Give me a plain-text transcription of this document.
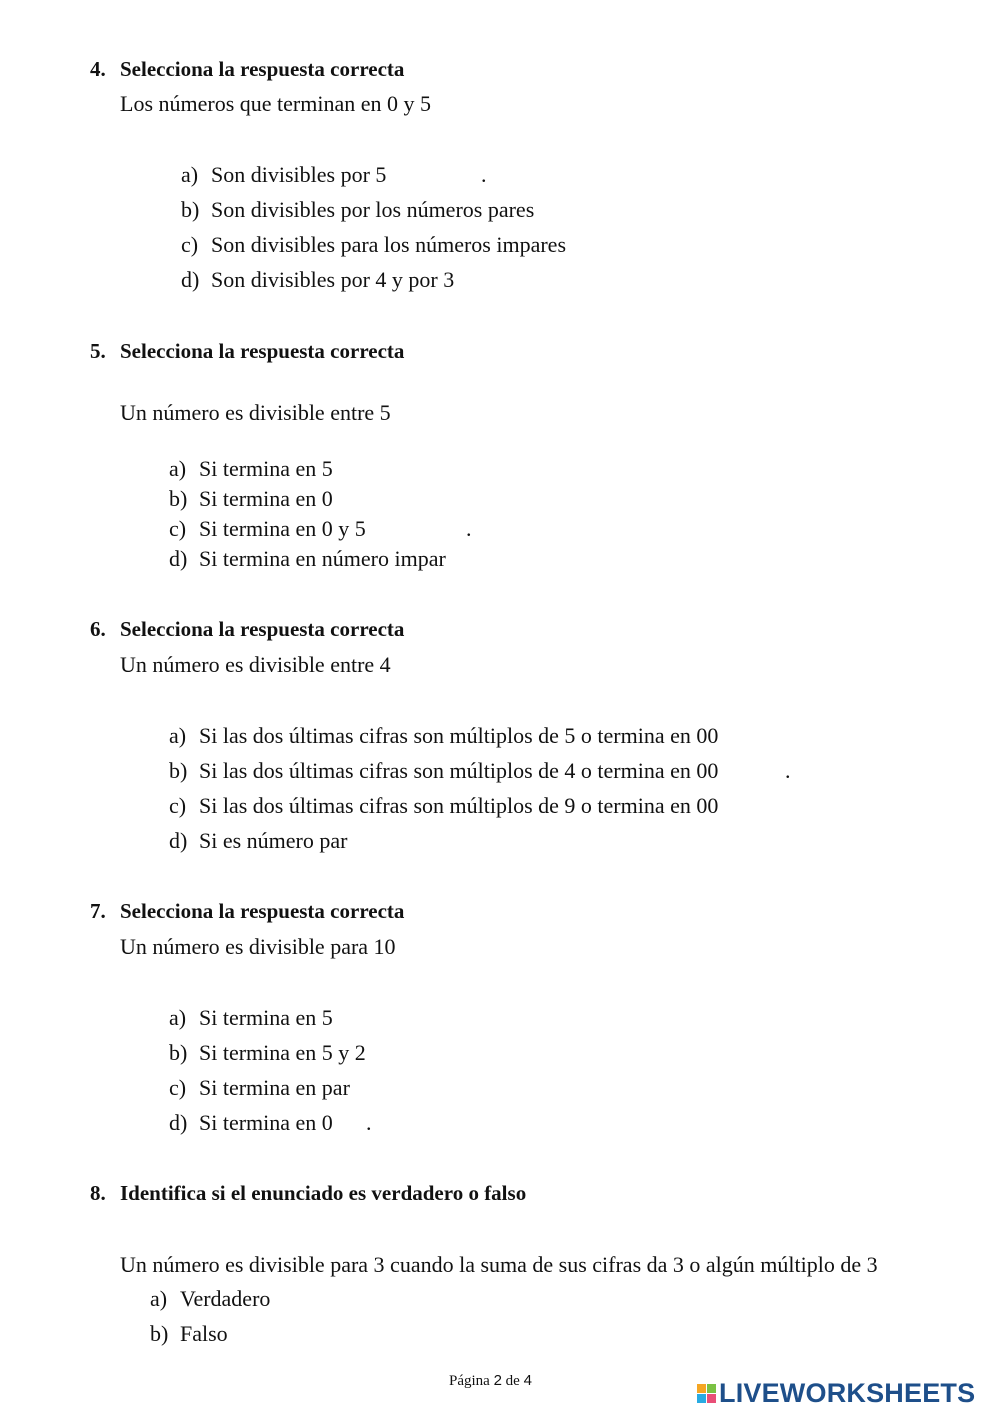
4. Selecciona la respuesta correcta
Los números que terminan en 0 y 5
a) Son divisibles por 5	.
b) Son divisibles por los números pares
c) Son divisibles para los números impares
d) Son divisibles por 4 y por 3
5. Selecciona la respuesta correcta
Un número es divisible entre 5
a) Si termina en 5
b) Si termina en 0
c) Si termina en 0 y 5	.
d) Si termina en número impar
6. Selecciona la respuesta correcta
Un número es divisible entre 4
a) Si las dos últimas cifras son múltiplos de 5 o termina en 00
b) Si las dos últimas cifras son múltiplos de 4 o termina en 00	.
c) Si las dos últimas cifras son múltiplos de 9 o termina en 00
d) Si es número par
7. Selecciona la respuesta correcta
Un número es divisible para 10
a) Si termina en 5
b) Si termina en 5 y 2
c) Si termina en par
d) Si termina en 0 .
8. Identifica si el enunciado es verdadero o falso
Un número es divisible para 3 cuando la suma de sus cifras da 3 o algún múltiplo de 3
a) Verdadero
b) Falso
Página 2 de 4	LIVEWORKSHEETS
